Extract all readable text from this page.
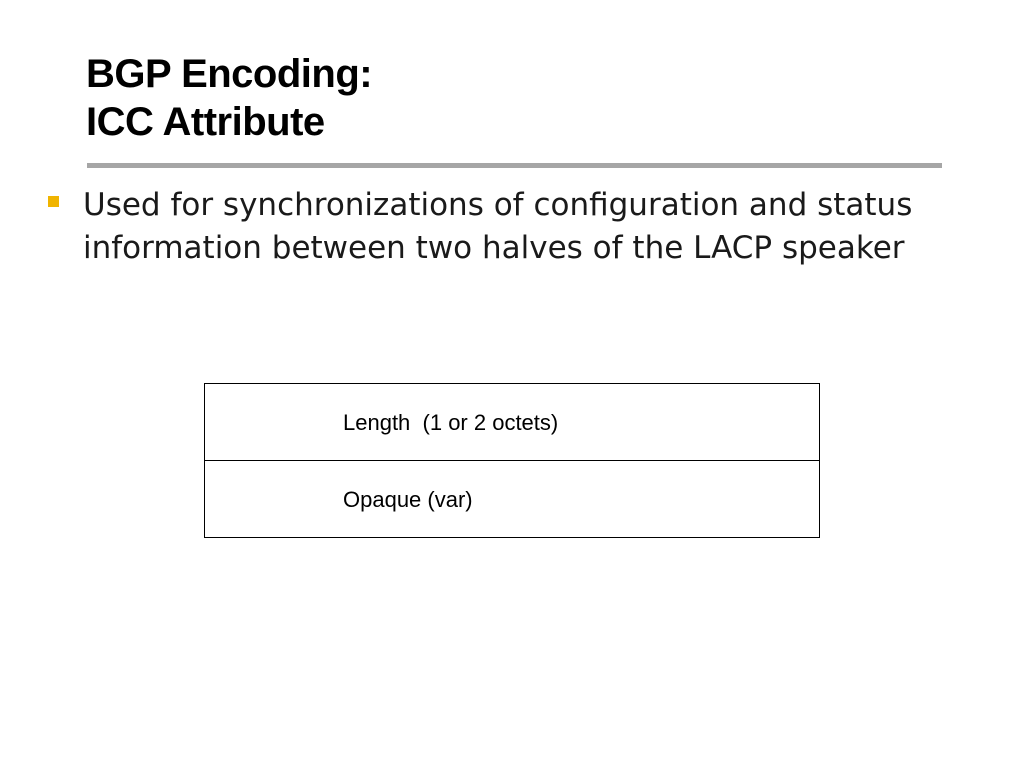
BGP Encoding:
ICC Attribute
Used for synchronizations of configuration and status information between two halves of the LACP speaker
Length  (1 or 2 octets)
Opaque (var)
